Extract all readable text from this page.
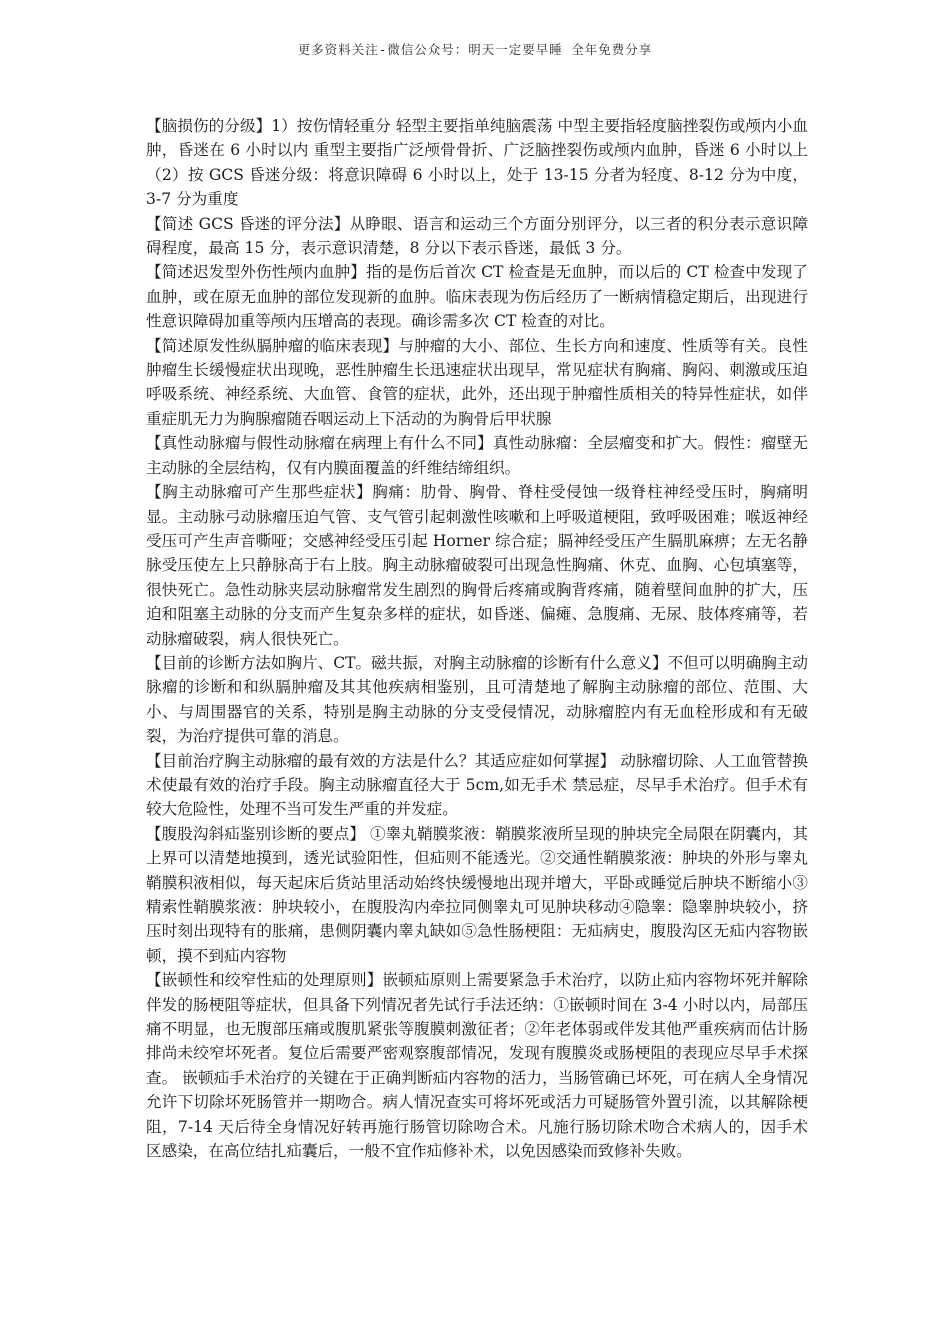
更多资料关注-微信公众号：明天一定要早睡 全年免费分享

【脑损伤的分级】1）按伤情轻重分 轻型主要指单纯脑震荡 中型主要指轻度脑挫裂伤或颅内小血肿，昏迷在 6 小时以内 重型主要指广泛颅骨骨折、广泛脑挫裂伤或颅内血肿，昏迷 6 小时以上（2）按 GCS 昏迷分级：将意识障碍 6 小时以上，处于 13-15 分者为轻度、8-12 分为中度，3-7 分为重度

【简述 GCS 昏迷的评分法】从睁眼、语言和运动三个方面分别评分，以三者的积分表示意识障碍程度，最高 15 分，表示意识清楚，8 分以下表示昏迷，最低 3 分。

【简述迟发型外伤性颅内血肿】指的是伤后首次 CT 检查是无血肿，而以后的 CT 检查中发现了血肿，或在原无血肿的部位发现新的血肿。临床表现为伤后经历了一断病情稳定期后，出现进行性意识障碍加重等颅内压增高的表现。确诊需多次 CT 检查的对比。

【简述原发性纵膈肿瘤的临床表现】与肿瘤的大小、部位、生长方向和速度、性质等有关。良性肿瘤生长缓慢症状出现晚，恶性肿瘤生长迅速症状出现早，常见症状有胸痛、胸闷、刺激或压迫呼吸系统、神经系统、大血管、食管的症状，此外，还出现于肿瘤性质相关的特异性症状，如伴重症肌无力为胸腺瘤随吞咽运动上下活动的为胸骨后甲状腺

【真性动脉瘤与假性动脉瘤在病理上有什么不同】真性动脉瘤：全层瘤变和扩大。假性：瘤壁无主动脉的全层结构，仅有内膜面覆盖的纤维结缔组织。

【胸主动脉瘤可产生那些症状】胸痛：肋骨、胸骨、脊柱受侵蚀一级脊柱神经受压时，胸痛明显。主动脉弓动脉瘤压迫气管、支气管引起刺激性咳嗽和上呼吸道梗阻，致呼吸困难；喉返神经受压可产生声音嘶哑；交感神经受压引起 Horner 综合症；膈神经受压产生膈肌麻痹；左无名静脉受压使左上只静脉高于右上肢。胸主动脉瘤破裂可出现急性胸痛、休克、血胸、心包填塞等，很快死亡。急性动脉夹层动脉瘤常发生剧烈的胸骨后疼痛或胸背疼痛，随着壁间血肿的扩大，压迫和阻塞主动脉的分支而产生复杂多样的症状，如昏迷、偏瘫、急腹痛、无尿、肢体疼痛等，若动脉瘤破裂，病人很快死亡。

【目前的诊断方法如胸片、CT。磁共振，对胸主动脉瘤的诊断有什么意义】不但可以明确胸主动脉瘤的诊断和和纵膈肿瘤及其其他疾病相鉴别，且可清楚地了解胸主动脉瘤的部位、范围、大小、与周围器官的关系，特别是胸主动脉的分支受侵情况，动脉瘤腔内有无血栓形成和有无破裂，为治疗提供可靠的消息。

【目前治疗胸主动脉瘤的最有效的方法是什么？其适应症如何掌握】 动脉瘤切除、人工血管替换术使最有效的治疗手段。胸主动脉瘤直径大于 5cm,如无手术 禁忌症，尽早手术治疗。但手术有较大危险性，处理不当可发生严重的并发症。

【腹股沟斜疝鉴别诊断的要点】 ①睾丸鞘膜浆液：鞘膜浆液所呈现的肿块完全局限在阴囊内，其上界可以清楚地摸到，透光试验阳性，但疝则不能透光。②交通性鞘膜浆液：肿块的外形与睾丸鞘膜积液相似，每天起床后货站里活动始终快缓慢地出现并增大，平卧或睡觉后肿块不断缩小③精索性鞘膜浆液：肿块较小，在腹股沟内牵拉同侧睾丸可见肿块移动④隐睾：隐睾肿块较小，挤压时刻出现特有的胀痛，患侧阴囊内睾丸缺如⑤急性肠梗阻：无疝病史，腹股沟区无疝内容物嵌顿，摸不到疝内容物

【嵌顿性和绞窄性疝的处理原则】嵌顿疝原则上需要紧急手术治疗，以防止疝内容物坏死并解除伴发的肠梗阻等症状，但具备下列情况者先试行手法还纳：①嵌顿时间在 3-4 小时以内，局部压痛不明显，也无腹部压痛或腹肌紧张等腹膜刺激征者；②年老体弱或伴发其他严重疾病而估计肠排尚未绞窄坏死者。复位后需要严密观察腹部情况，发现有腹膜炎或肠梗阻的表现应尽早手术探查。 嵌顿疝手术治疗的关键在于正确判断疝内容物的活力，当肠管确已坏死，可在病人全身情况允许下切除坏死肠管并一期吻合。病人情况查实可将坏死或活力可疑肠管外置引流，以其解除梗阻，7-14 天后待全身情况好转再施行肠管切除吻合术。凡施行肠切除术吻合术病人的，因手术区感染，在高位结扎疝囊后，一般不宜作疝修补术，以免因感染而致修补失败。
